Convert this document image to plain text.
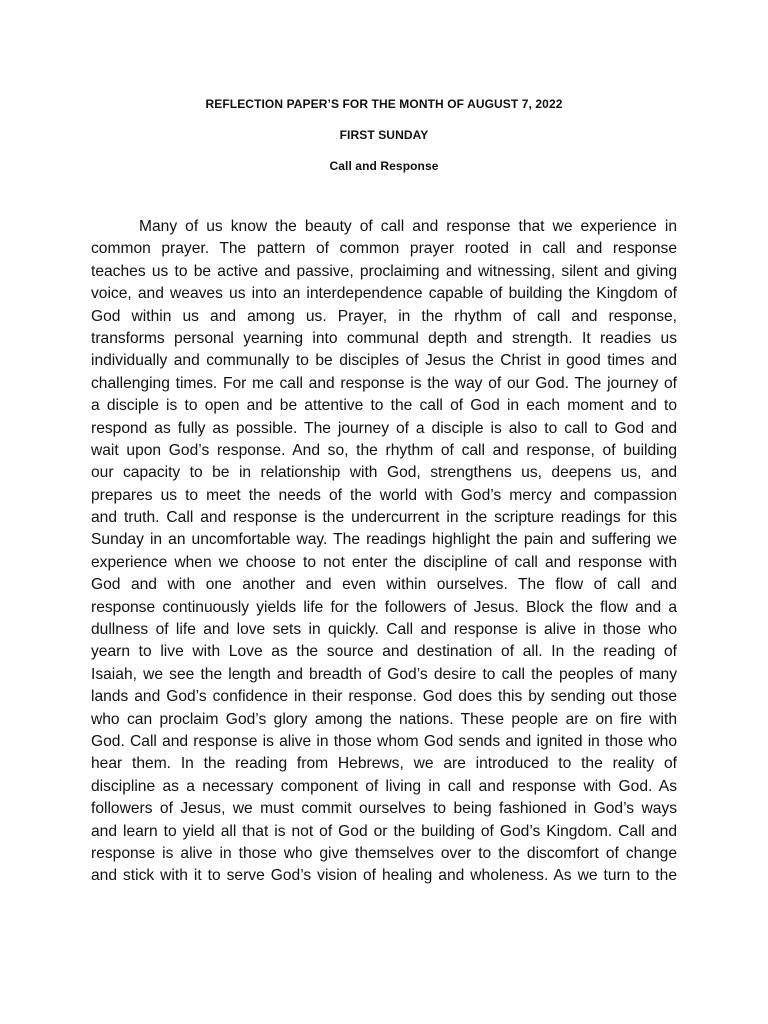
REFLECTION PAPER’S FOR THE MONTH OF AUGUST 7, 2022
FIRST SUNDAY
Call and Response
Many of us know the beauty of call and response that we experience in
common prayer. The pattern of common prayer rooted in call and response
teaches us to be active and passive, proclaiming and witnessing, silent and giving
voice, and weaves us into an interdependence capable of building the Kingdom of
God within us and among us. Prayer, in the rhythm of call and response,
transforms personal yearning into communal depth and strength. It readies us
individually and communally to be disciples of Jesus the Christ in good times and
challenging times. For me call and response is the way of our God. The journey of
a disciple is to open and be attentive to the call of God in each moment and to
respond as fully as possible. The journey of a disciple is also to call to God and
wait upon God’s response. And so, the rhythm of call and response, of building
our capacity to be in relationship with God, strengthens us, deepens us, and
prepares us to meet the needs of the world with God’s mercy and compassion
and truth. Call and response is the undercurrent in the scripture readings for this
Sunday in an uncomfortable way. The readings highlight the pain and suffering we
experience when we choose to not enter the discipline of call and response with
God and with one another and even within ourselves. The flow of call and
response continuously yields life for the followers of Jesus. Block the flow and a
dullness of life and love sets in quickly. Call and response is alive in those who
yearn to live with Love as the source and destination of all. In the reading of
Isaiah, we see the length and breadth of God’s desire to call the peoples of many
lands and God’s confidence in their response. God does this by sending out those
who can proclaim God’s glory among the nations. These people are on fire with
God. Call and response is alive in those whom God sends and ignited in those who
hear them. In the reading from Hebrews, we are introduced to the reality of
discipline as a necessary component of living in call and response with God. As
followers of Jesus, we must commit ourselves to being fashioned in God’s ways
and learn to yield all that is not of God or the building of God’s Kingdom. Call and
response is alive in those who give themselves over to the discomfort of change
and stick with it to serve God’s vision of healing and wholeness. As we turn to the
